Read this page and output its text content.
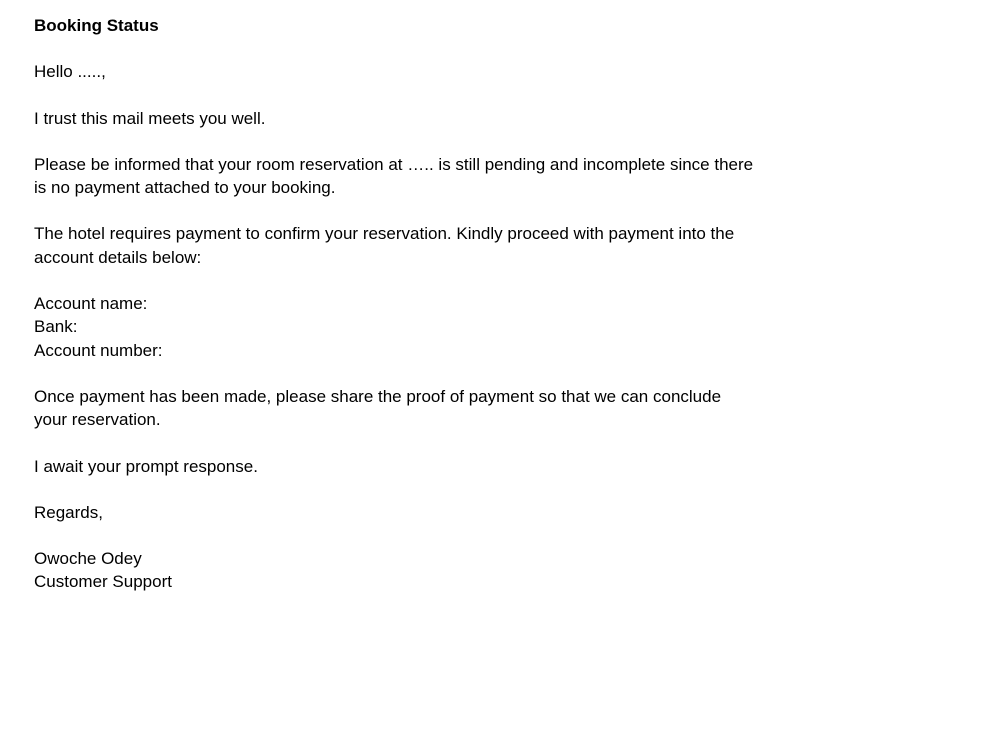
Booking Status

Hello .....,

I trust this mail meets you well.

Please be informed that your room reservation at ….. is still pending and incomplete since there is no payment attached to your booking.

The hotel requires payment to confirm your reservation. Kindly proceed with payment into the account details below:

Account name:
Bank:
Account number:

Once payment has been made, please share the proof of payment so that we can conclude your reservation.

I await your prompt response.

Regards,

Owoche Odey
Customer Support
